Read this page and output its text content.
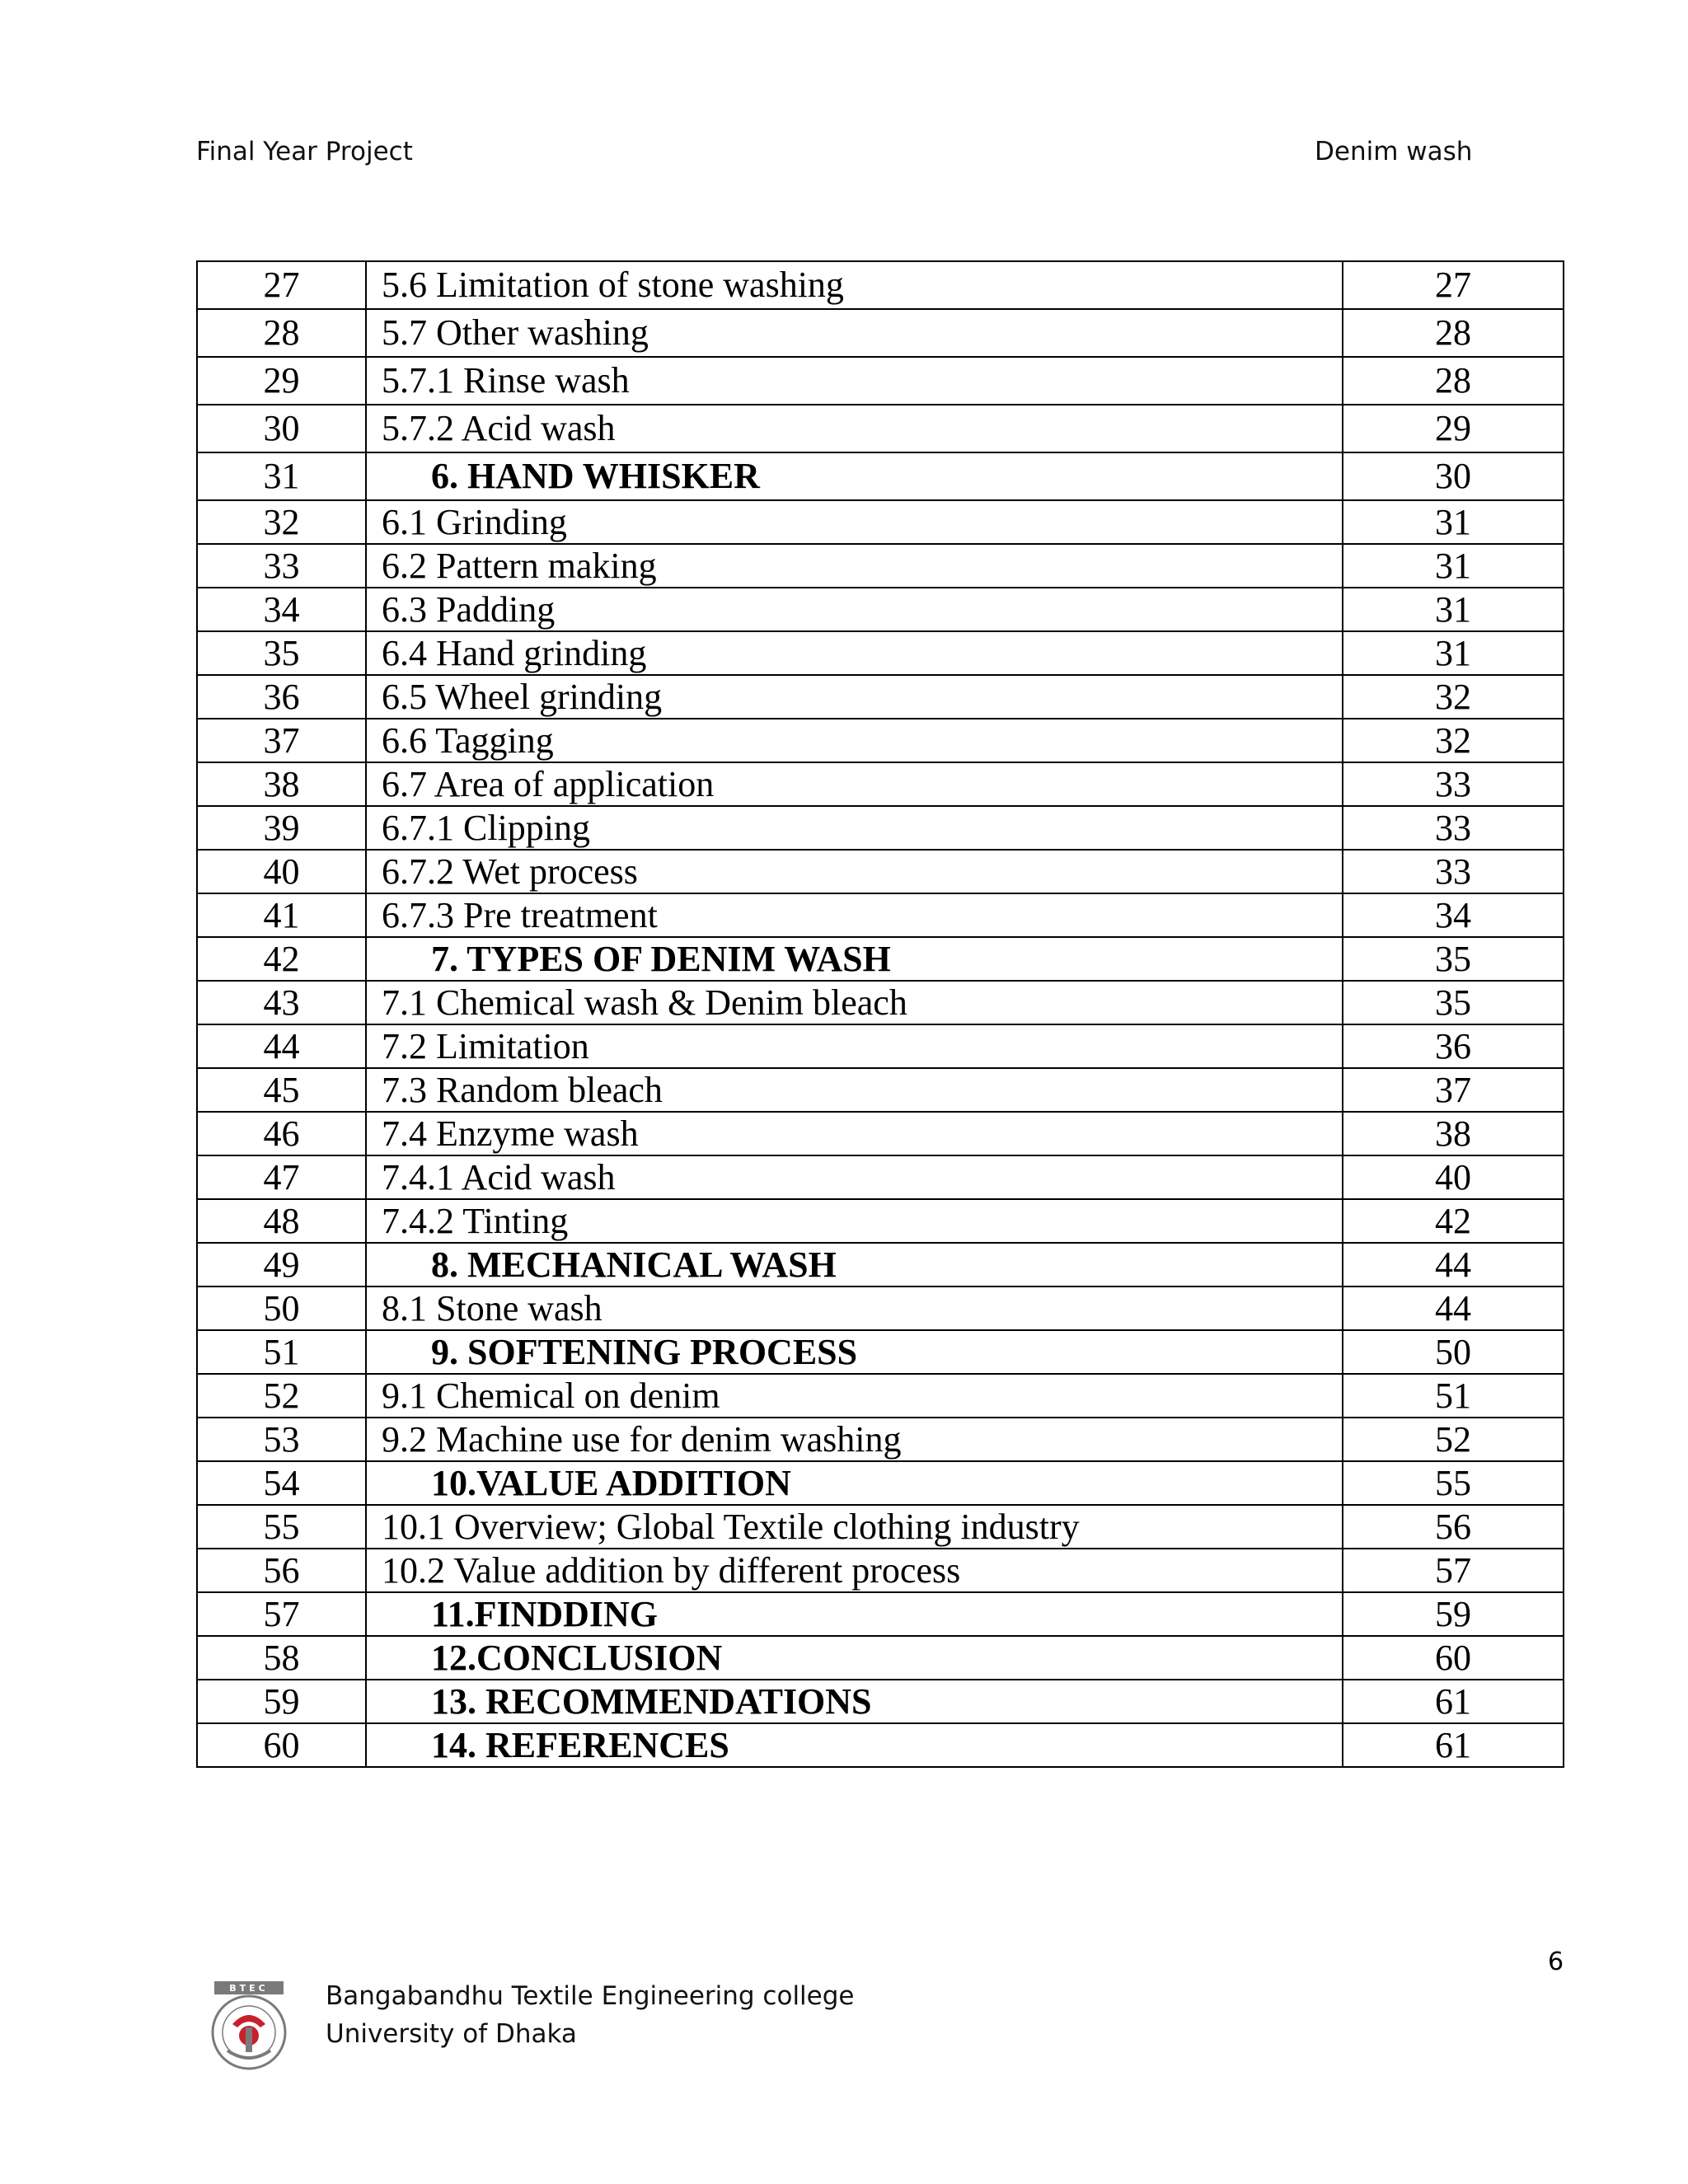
Final Year Project	Denim wash
27	5.6 Limitation of stone washing	27
28	5.7 Other washing	28
29	5.7.1 Rinse wash	28
30	5.7.2 Acid wash	29
31	6. HAND WHISKER	30
32	6.1 Grinding	31
33	6.2 Pattern making	31
34	6.3 Padding	31
35	6.4 Hand grinding	31
36	6.5 Wheel grinding	32
37	6.6 Tagging	32
38	6.7 Area of application	33
39	6.7.1 Clipping	33
40	6.7.2 Wet process	33
41	6.7.3 Pre treatment	34
42	7. TYPES OF DENIM WASH	35
43	7.1 Chemical wash & Denim bleach	35
44	7.2 Limitation	36
45	7.3 Random bleach	37
46	7.4 Enzyme wash	38
47	7.4.1 Acid wash	40
48	7.4.2 Tinting	42
49	8. MECHANICAL WASH	44
50	8.1 Stone wash	44
51	9. SOFTENING PROCESS	50
52	9.1 Chemical on denim	51
53	9.2 Machine use for denim washing	52
54	10.VALUE ADDITION	55
55	10.1 Overview; Global Textile clothing industry	56
56	10.2 Value addition by different process	57
57	11.FINDDING	59
58	12.CONCLUSION	60
59	13. RECOMMENDATIONS	61
60	14. REFERENCES	61
6
BTEC Bangabandhu Textile Engineering college
University of Dhaka
